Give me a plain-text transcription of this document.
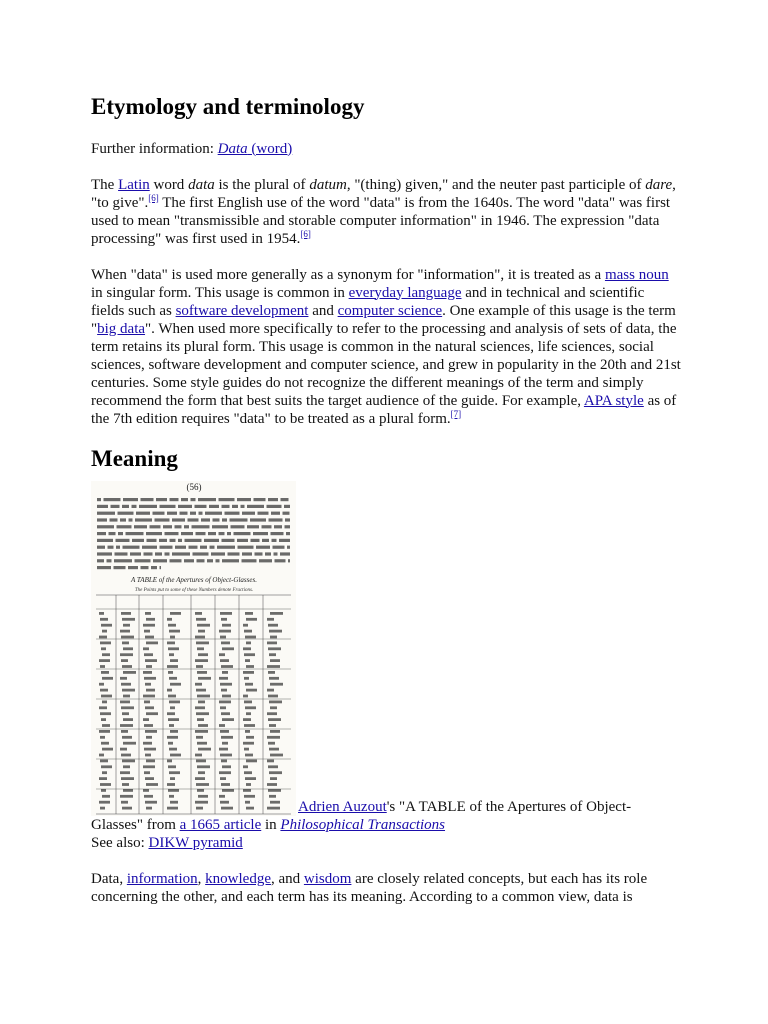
Etymology and terminology

Further information: Data (word)

The Latin word data is the plural of datum, "(thing) given," and the neuter past participle of dare, "to give".[6] The first English use of the word "data" is from the 1640s. The word "data" was first used to mean "transmissible and storable computer information" in 1946. The expression "data processing" was first used in 1954.[6]

When "data" is used more generally as a synonym for "information", it is treated as a mass noun in singular form. This usage is common in everyday language and in technical and scientific fields such as software development and computer science. One example of this usage is the term "big data". When used more specifically to refer to the processing and analysis of sets of data, the term retains its plural form. This usage is common in the natural sciences, life sciences, social sciences, software development and computer science, and grew in popularity in the 20th and 21st centuries. Some style guides do not recognize the different meanings of the term and simply recommend the form that best suits the target audience of the guide. For example, APA style as of the 7th edition requires "data" to be treated as a plural form.[7]

Meaning
(56)
A TABLE of the Apertures of Object-Glasses.
The Points put to some of these Numbers denote Fractions.
Adrien Auzout's "A TABLE of the Apertures of Object-Glasses" from a 1665 article in Philosophical Transactions

See also: DIKW pyramid

Data, information, knowledge, and wisdom are closely related concepts, but each has its role concerning the other, and each term has its meaning. According to a common view, data is
